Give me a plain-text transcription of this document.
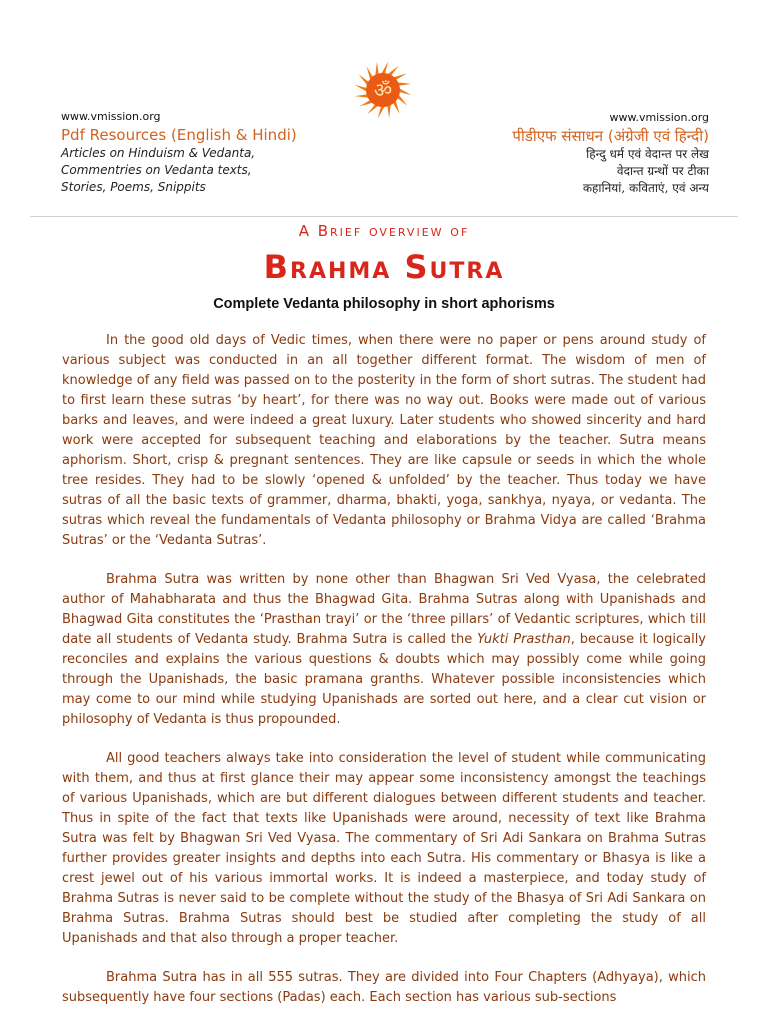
ॐ
www.vmission.org
Pdf Resources (English & Hindi)
Articles on Hinduism & Vedanta,
Commentries on Vedanta texts,
Stories, Poems, Snippits
www.vmission.org
पीडीएफ संसाधन (अंग्रेजी एवं हिन्दी)
हिन्दु धर्म एवं वेदान्त पर लेख
वेदान्त ग्रन्थों पर टीका
कहानियां, कविताएं, एवं अन्य
A Brief overview of
Brahma Sutra
Complete Vedanta philosophy in short aphorisms

In the good old days of Vedic times, when there were no paper or pens around study of various subject was conducted in an all together different format. The wisdom of men of knowledge of any field was passed on to the posterity in the form of short sutras. The student had to first learn these sutras ‘by heart’, for there was no way out. Books were made out of various barks and leaves, and were indeed a great luxury. Later students who showed sincerity and hard work were accepted for subsequent teaching and elaborations by the teacher. Sutra means aphorism. Short, crisp & pregnant sentences. They are like capsule or seeds in which the whole tree resides. They had to be slowly ‘opened & unfolded’ by the teacher. Thus today we have sutras of all the basic texts of grammer, dharma, bhakti, yoga, sankhya, nyaya, or vedanta. The sutras which reveal the fundamentals of Vedanta philosophy or Brahma Vidya are called ‘Brahma Sutras’ or the ‘Vedanta Sutras’.

Brahma Sutra was written by none other than Bhagwan Sri Ved Vyasa, the celebrated author of Mahabharata and thus the Bhagwad Gita. Brahma Sutras along with Upanishads and Bhagwad Gita constitutes the ‘Prasthan trayi’ or the ‘three pillars’ of Vedantic scriptures, which till date all students of Vedanta study. Brahma Sutra is called the Yukti Prasthan, because it logically reconciles and explains the various questions & doubts which may possibly come while going through the Upanishads, the basic pramana granths. Whatever possible inconsistencies which may come to our mind while studying Upanishads are sorted out here, and a clear cut vision or philosophy of Vedanta is thus propounded.

All good teachers always take into consideration the level of student while communicating with them, and thus at first glance their may appear some inconsistency amongst the teachings of various Upanishads, which are but different dialogues between different students and teacher. Thus in spite of the fact that texts like Upanishads were around, necessity of text like Brahma Sutra was felt by Bhagwan Sri Ved Vyasa. The commentary of Sri Adi Sankara on Brahma Sutras further provides greater insights and depths into each Sutra. His commentary or Bhasya is like a crest jewel out of his various immortal works. It is indeed a masterpiece, and today study of Brahma Sutras is never said to be complete without the study of the Bhasya of Sri Adi Sankara on Brahma Sutras. Brahma Sutras should best be studied after completing the study of all Upanishads and that also through a proper teacher.

Brahma Sutra has in all 555 sutras. They are divided into Four Chapters (Adhyaya), which subsequently have four sections (Padas) each. Each section has various sub-sections
